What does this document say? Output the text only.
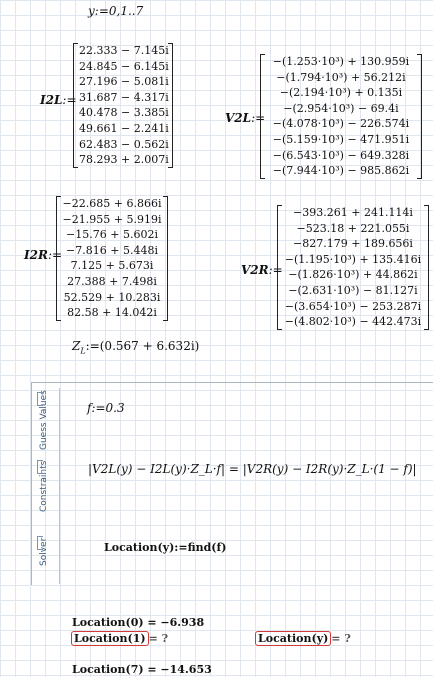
y:=0,1..7
I2L:=
22.333 − 7.145i
24.845 − 6.145i
27.196 − 5.081i
31.687 − 4.317i
40.478 − 3.385i
49.661 − 2.241i
62.483 − 0.562i
78.293 + 2.007i
V2L:=
−(1.253·10³) + 130.959i
−(1.794·10³) + 56.212i
−(2.194·10³) + 0.135i
−(2.954·10³) − 69.4i
−(4.078·10³) − 226.574i
−(5.159·10³) − 471.951i
−(6.543·10³) − 649.328i
−(7.944·10³) − 985.862i
I2R:=
−22.685 + 6.866i
−21.955 + 5.919i
−15.76 + 5.602i
−7.816 + 5.448i
7.125 + 5.673i
27.388 + 7.498i
52.529 + 10.283i
82.58 + 14.042i
V2R:=
−393.261 + 241.114i
−523.18 + 221.055i
−827.179 + 189.656i
−(1.195·10³) + 135.416i
−(1.826·10³) + 44.862i
−(2.631·10³) − 81.127i
−(3.654·10³) − 253.287i
−(4.802·10³) − 442.473i
$Z_L:=(0.567 + 6.632i)$
Guess Values
Constraints
Solver
f:=0.3
|V2L(y) − I2L(y)·Z_L·f| = |V2R(y) − I2R(y)·Z_L·(1 − f)|
Location(y):=find(f)
Location(0) = −6.938
Location(1) = ?	Location(y) = ?
Location(7) = −14.653
